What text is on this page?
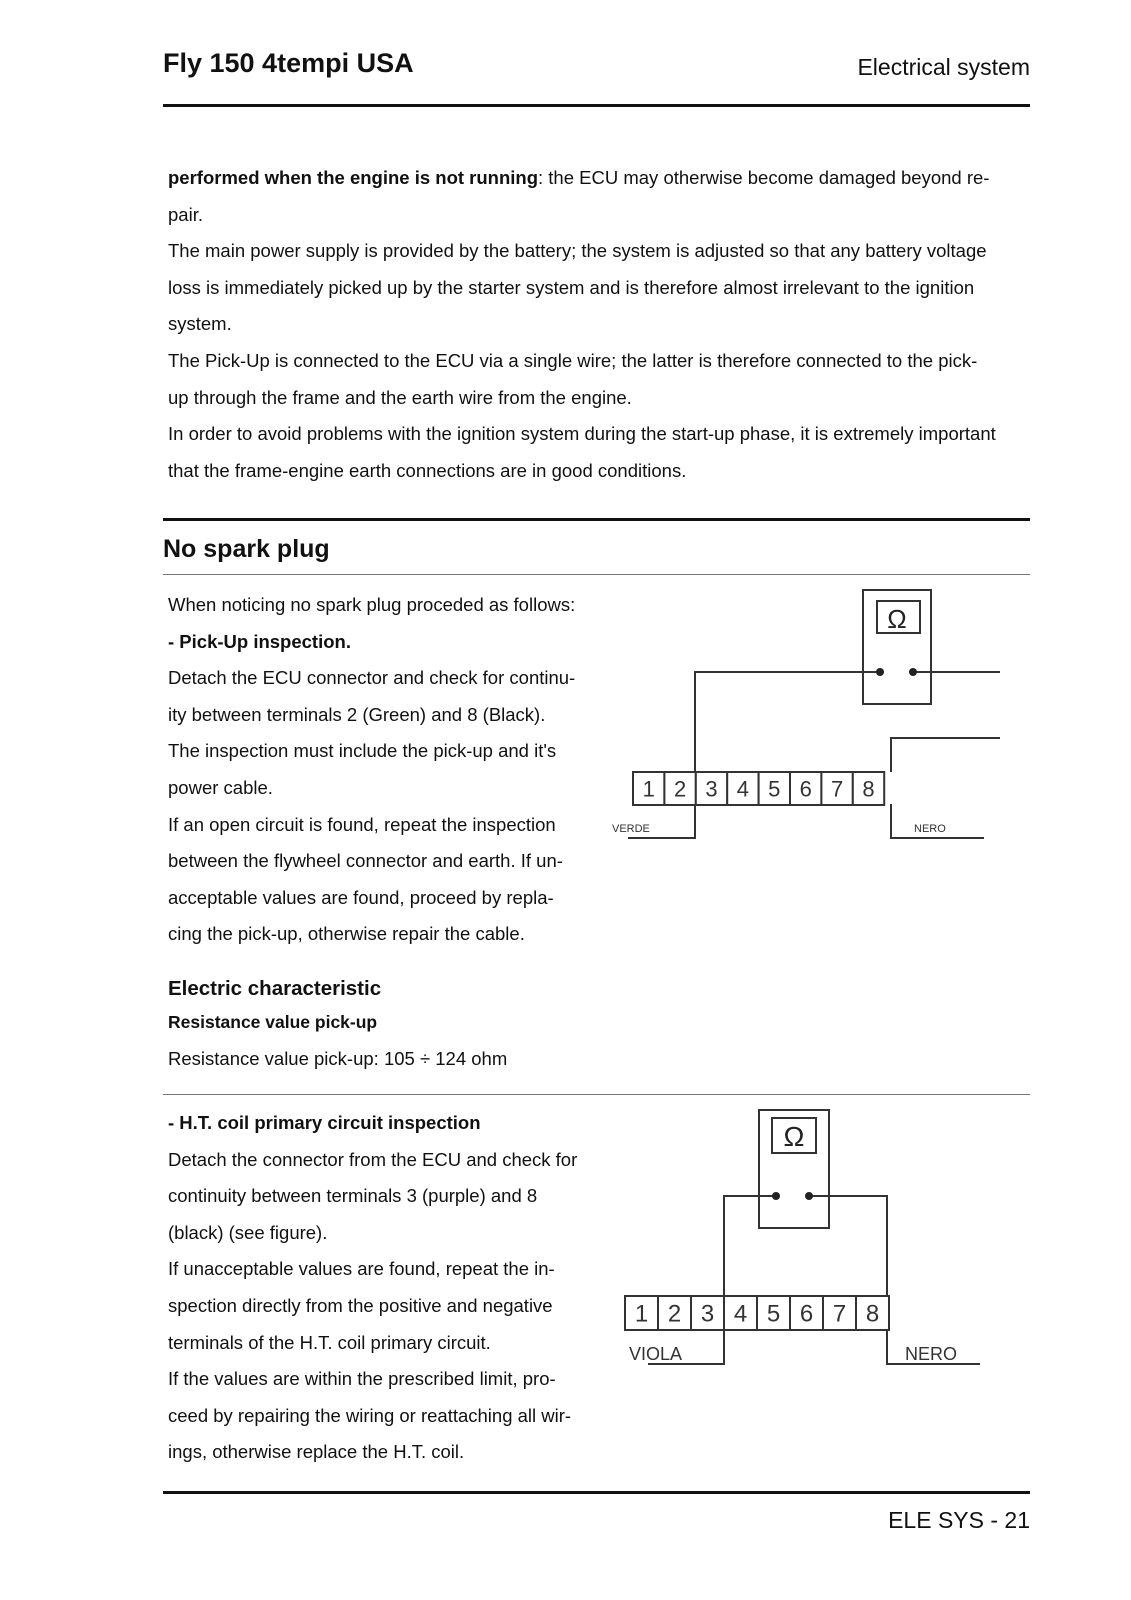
Fly 150 4tempi USA	Electrical system
performed when the engine is not running: the ECU may otherwise become damaged beyond re-
pair.
The main power supply is provided by the battery; the system is adjusted so that any battery voltage
loss is immediately picked up by the starter system and is therefore almost irrelevant to the ignition
system.
The Pick-Up is connected to the ECU via a single wire; the latter is therefore connected to the pick-
up through the frame and the earth wire from the engine.
In order to avoid problems with the ignition system during the start-up phase, it is extremely important
that the frame-engine earth connections are in good conditions.
No spark plug
When noticing no spark plug proceded as follows:
- Pick-Up inspection.
Detach the ECU connector and check for continu-
ity between terminals 2 (Green) and 8 (Black).
The inspection must include the pick-up and it's
power cable.
If an open circuit is found, repeat the inspection
between the flywheel connector and earth. If un-
acceptable values are found, proceed by repla-
cing the pick-up, otherwise repair the cable.
Ω
1 2 3 4 5 6 7 8
VERDE	NERO
Electric characteristic
Resistance value pick-up
Resistance value pick-up: 105 ÷ 124 ohm
- H.T. coil primary circuit inspection
Detach the connector from the ECU and check for
continuity between terminals 3 (purple) and 8
(black) (see figure).
If unacceptable values are found, repeat the in-
spection directly from the positive and negative
terminals of the H.T. coil primary circuit.
If the values are within the prescribed limit, pro-
ceed by repairing the wiring or reattaching all wir-
ings, otherwise replace the H.T. coil.
Ω
1 2 3 4 5 6 7 8
VIOLA	NERO
ELE SYS - 21
